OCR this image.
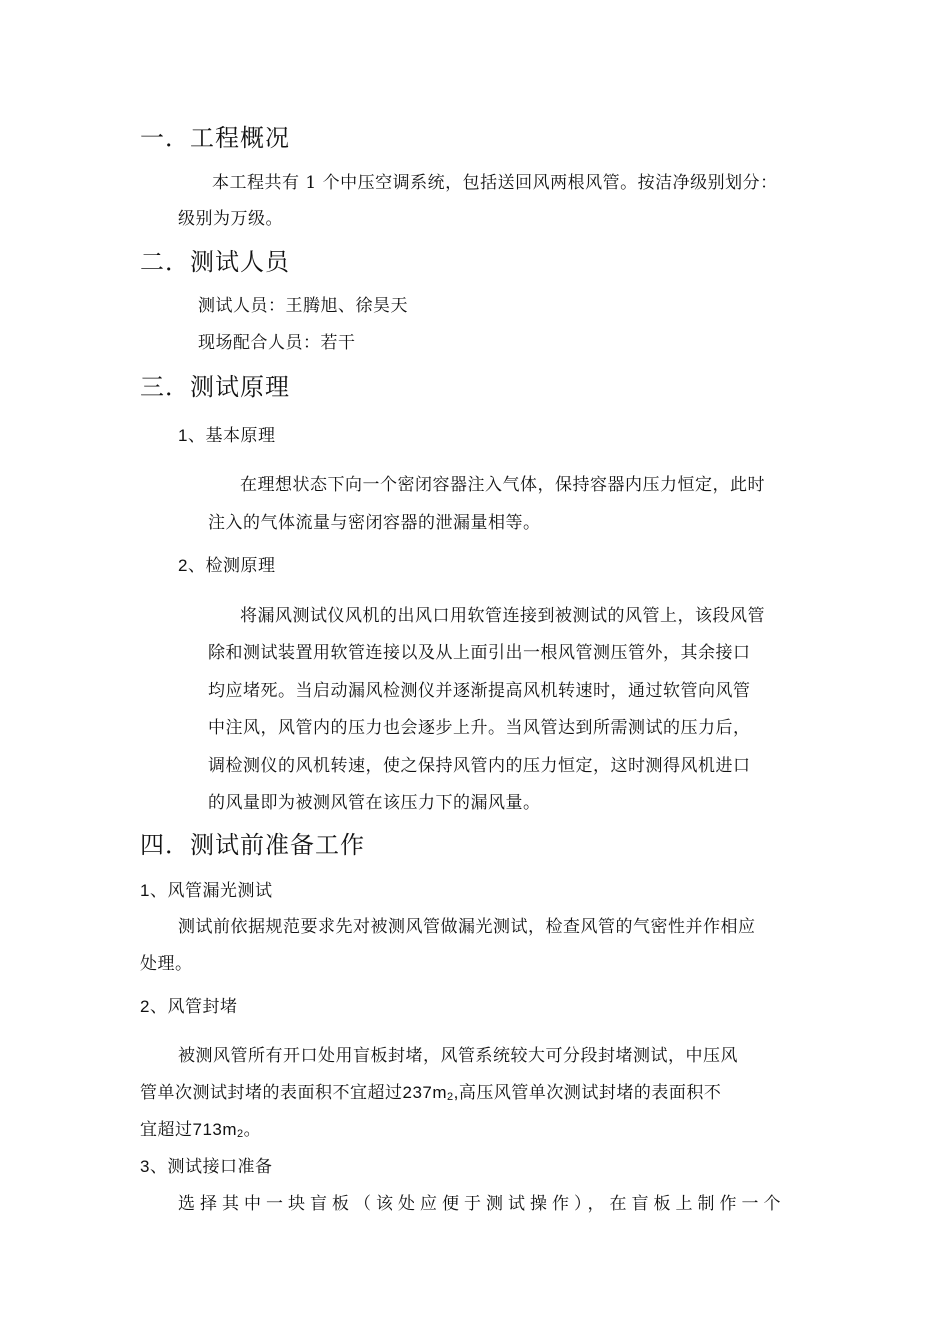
一．工程概况
本工程共有 1 个中压空调系统，包括送回风两根风管。按洁净级别划分：
级别为万级。
二．测试人员
测试人员：王腾旭、徐昊天
现场配合人员：若干
三．测试原理
1、基本原理
在理想状态下向一个密闭容器注入气体，保持容器内压力恒定，此时
注入的气体流量与密闭容器的泄漏量相等。
2、检测原理
将漏风测试仪风机的出风口用软管连接到被测试的风管上，该段风管
除和测试装置用软管连接以及从上面引出一根风管测压管外，其余接口
均应堵死。当启动漏风检测仪并逐渐提高风机转速时，通过软管向风管
中注风，风管内的压力也会逐步上升。当风管达到所需测试的压力后，
调检测仪的风机转速，使之保持风管内的压力恒定，这时测得风机进口
的风量即为被测风管在该压力下的漏风量。
四．测试前准备工作
1、风管漏光测试
测试前依据规范要求先对被测风管做漏光测试，检查风管的气密性并作相应
处理。
2、风管封堵
被测风管所有开口处用盲板封堵，风管系统较大可分段封堵测试，中压风
管单次测试封堵的表面积不宜超过$237m_2$,高压风管单次测试封堵的表面积不
宜超过$713m_2$。
3、测试接口准备
选择其中一块盲板（该处应便于测试操作），在盲板上制作一个
